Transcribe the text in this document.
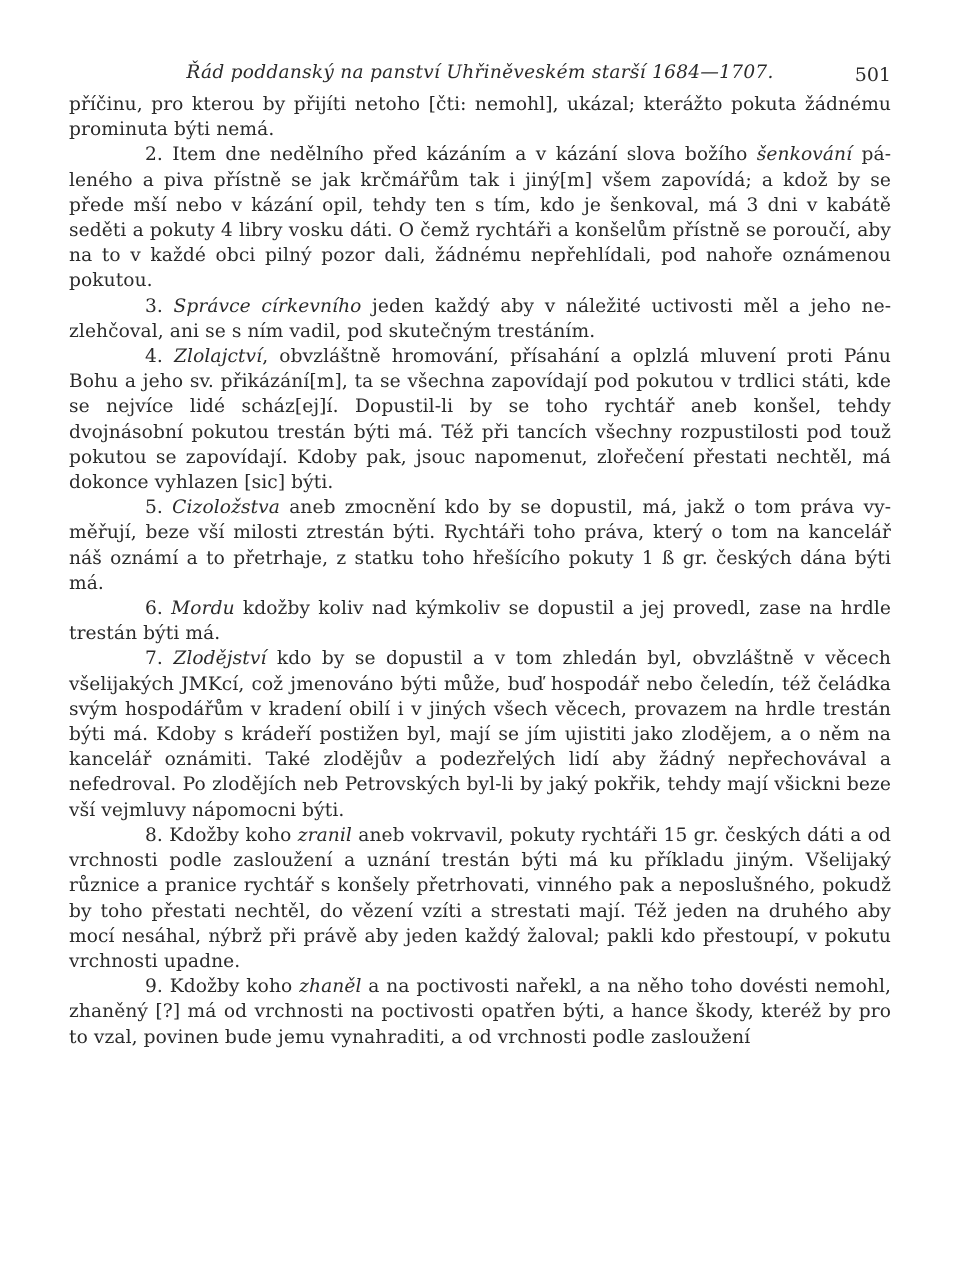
Řád poddanský na panství Uhřiněveském starší 1684—1707.	501

příčinu, pro kterou by přijíti netoho [čti: nemohl], ukázal; kterážto pokuta žádnému prominuta býti nemá.

2. Item dne nedělního před kázáním a v kázání slova božího šenkování páleného a piva přístně se jak krčmářům tak i jiný[m] všem zapovídá; a kdož by se přede mší nebo v kázání opil, tehdy ten s tím, kdo je šenkoval, má 3 dni v kabátě seděti a pokuty 4 libry vosku dáti. O čemž rychtáři a konšelům přístně se poroučí, aby na to v každé obci pilný pozor dali, žádnému nepřehlídali, pod nahoře oznámenou pokutou.

3. Správce církevního jeden každý aby v náležité uctivosti měl a jeho nezlehčoval, ani se s ním vadil, pod skutečným trestáním.

4. Zlolajctví, obvzláštně hromování, přísahání a oplzlá mluvení proti Pánu Bohu a jeho sv. přikázání[m], ta se všechna zapovídají pod pokutou v trdlici státi, kde se nejvíce lidé scház[ej]í. Dopustil-li by se toho rychtář aneb konšel, tehdy dvojnásobní pokutou trestán býti má. Též při tancích všechny rozpustilosti pod touž pokutou se zapovídají. Kdoby pak, jsouc napomenut, zlořečení přestati nechtěl, má dokonce vyhlazen [sic] býti.

5. Cizoložstva aneb zmocnění kdo by se dopustil, má, jakž o tom práva vyměřují, beze vší milosti ztrestán býti. Rychtáři toho práva, který o tom na kancelář náš oznámí a to přetrhaje, z statku toho hřešícího pokuty 1 ß gr. českých dána býti má.

6. Mordu kdožby koliv nad kýmkoliv se dopustil a jej provedl, zase na hrdle trestán býti má.

7. Zlodějství kdo by se dopustil a v tom zhledán byl, obvzláštně v věcech všelijakých JMKcí, což jmenováno býti může, buď hospodář nebo čeledín, též čeládka svým hospodářům v kradení obilí i v jiných všech věcech, provazem na hrdle trestán býti má. Kdoby s krádeří postižen byl, mají se jím ujistiti jako zlodějem, a o něm na kancelář oznámiti. Také zlodějův a podezřelých lidí aby žádný nepřechovával a nefedroval. Po zlodějích neb Petrovských byl-li by jaký pokřik, tehdy mají všickni beze vší vejmluvy nápomocni býti.

8. Kdožby koho zranil aneb vokrvavil, pokuty rychtáři 15 gr. českých dáti a od vrchnosti podle zasloužení a uznání trestán býti má ku příkladu jiným. Všelijaký různice a pranice rychtář s konšely přetrhovati, vinného pak a neposlušného, pokudž by toho přestati nechtěl, do vězení vzíti a strestati mají. Též jeden na druhého aby mocí nesáhal, nýbrž při právě aby jeden každý žaloval; pakli kdo přestoupí, v pokutu vrchnosti upadne.

9. Kdožby koho zhaněl a na poctivosti nařekl, a na něho toho dovésti nemohl, zhaněný [?] má od vrchnosti na poctivosti opatřen býti, a hance škody, kteréž by pro to vzal, povinen bude jemu vynahraditi, a od vrchnosti podle zasloužení
